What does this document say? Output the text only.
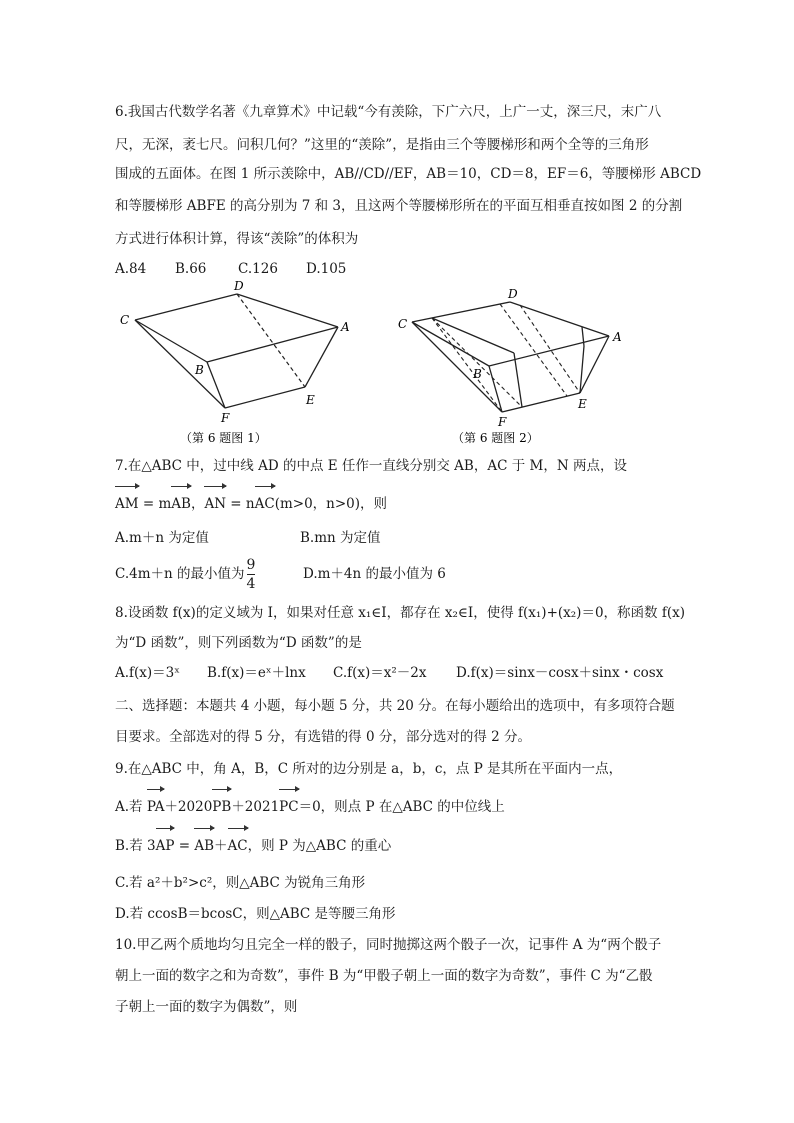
6.我国古代数学名著《九章算术》中记载“今有羡除，下广六尺，上广一丈，深三尺，末广八
尺，无深，袤七尺。问积几何？”这里的“羡除”，是指由三个等腰梯形和两个全等的三角形
围成的五面体。在图 1 所示羡除中，AB//CD//EF，AB＝10，CD＝8，EF＝6，等腰梯形 ABCD
和等腰梯形 ABFE 的高分别为 7 和 3，且这两个等腰梯形所在的平面互相垂直按如图 2 的分割
方式进行体积计算，得该“羡除”的体积为
A.84 B.66 C.126 D.105
C
D
A
B
E
F
（第 6 题图 1）
C
D
A
B
E
F
（第 6 题图 2）
7.在△ABC 中，过中线 AD 的中点 E 任作一直线分别交 AB，AC 于 M，N 两点，设
AM = m
AB，
AN = n
AC(m>0，n>0)，则
A.m＋n 为定值	B.mn 为定值
C.4m＋n 的最小值为 $\frac{9}{4}$	D.m＋4n 的最小值为 6
8.设函数 f(x)的定义域为 I，如果对任意 x₁∈I，都存在 x₂∈I，使得 f(x₁)+(x₂)＝0，称函数 f(x)
为“D 函数”，则下列函数为“D 函数”的是
A.f(x)＝3ˣ B.f(x)＝eˣ＋lnx C.f(x)＝x²－2x D.f(x)＝sinx－cosx＋sinx・cosx
二、选择题：本题共 4 小题，每小题 5 分，共 20 分。在每小题给出的选项中，有多项符合题
目要求。全部选对的得 5 分，有选错的得 0 分，部分选对的得 2 分。
9.在△ABC 中，角 A，B，C 所对的边分别是 a，b，c，点 P 是其所在平面内一点，
A.若
PA＋2020
PB＋2021
PC＝0，则点 P 在△ABC 的中位线上
B.若 3
AP =
AB＋
AC，则 P 为△ABC 的重心
C.若 a²＋b²>c²，则△ABC 为锐角三角形
D.若 ccosB＝bcosC，则△ABC 是等腰三角形
10.甲乙两个质地均匀且完全一样的骰子，同时抛掷这两个骰子一次，记事件 A 为“两个骰子
朝上一面的数字之和为奇数”，事件 B 为“甲骰子朝上一面的数字为奇数”，事件 C 为“乙骰
子朝上一面的数字为偶数”，则
